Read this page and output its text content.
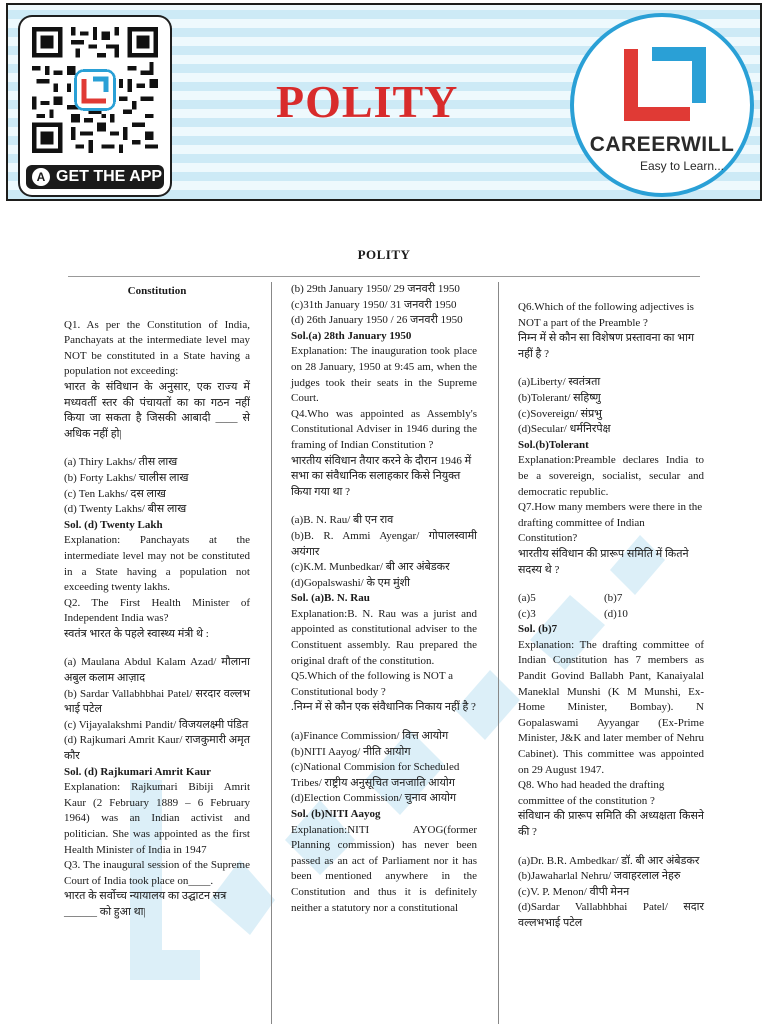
A GET THE APP
POLITY
CAREERWILL
Easy to Learn...
POLITY

Constitution

Q1. As per the Constitution of India, Panchayats at the intermediate level may NOT be constituted in a State having a population not exceeding:

भारत के संविधान के अनुसार, एक राज्य में मध्यवर्ती स्तर की पंचायतों का का गठन नहीं किया जा सकता है जिसकी आबादी ____ से अधिक नहीं हो|

(a) Thiry Lakhs/ तीस लाख

(b) Forty Lakhs/ चालीस लाख

(c) Ten Lakhs/ दस लाख

(d) Twenty Lakhs/ बीस लाख

Sol. (d) Twenty Lakh

Explanation: Panchayats at the intermediate level may not be constituted in a State having a population not exceeding twenty lakhs.

Q2. The First Health Minister of Independent India was?

स्वतंत्र भारत के पहले स्वास्थ्य मंत्री थे :

(a) Maulana Abdul Kalam Azad/ मौलाना अबुल कलाम आज़ाद

(b) Sardar Vallabhbhai Patel/ सरदार वल्लभ भाई पटेल

(c) Vijayalakshmi Pandit/ विजयलक्ष्मी पंडित

(d) Rajkumari Amrit Kaur/ राजकुमारी अमृत कौर

Sol. (d) Rajkumari Amrit Kaur

Explanation: Rajkumari Bibiji Amrit Kaur (2 February 1889 – 6 February 1964) was an Indian activist and politician. She was appointed as the first Health Minister of India in 1947

Q3. The inaugural session of the Supreme Court of India took place on____.

भारत के सर्वोच्च न्यायालय का उद्घाटन सत्र ______ को हुआ था|

(b) 29th January 1950/ 29 जनवरी 1950

(c)31th January 1950/ 31 जनवरी 1950

(d) 26th January 1950 / 26 जनवरी 1950

Sol.(a) 28th January 1950

Explanation: The inauguration took place on 28 January, 1950 at 9:45 am, when the judges took their seats in the Supreme Court.

Q4.Who was appointed as Assembly's Constitutional Adviser in 1946 during the framing of Indian Constitution ?

भारतीय संविधान तैयार करने के दौरान 1946 में सभा का संवैधानिक सलाहकार किसे नियुक्त किया गया था ?

(a)B. N. Rau/ बी एन राव

(b)B. R. Ammi Ayengar/ गोपालस्वामी अयंगार

(c)K.M. Munbedkar/ बी आर अंबेडकर

(d)Gopalswashi/ के एम मुंशी

Sol. (a)B. N. Rau

Explanation:B. N. Rau was a jurist and appointed as constitutional adviser to the Constituent assembly. Rau prepared the original draft of the constitution.

Q5.Which of the following is NOT a Constitutional body ?

.निम्न में से कौन एक संवैधानिक निकाय नहीं है ?

(a)Finance Commission/ वित्त आयोग

(b)NITI Aayog/ नीति आयोग

(c)National Commision for Scheduled Tribes/ राष्ट्रीय अनुसूचित जनजाति आयोग

(d)Election Commission/ चुनाव आयोग

Sol. (b)NITI Aayog

Explanation:NITI AYOG(former Planning commission) has never been passed as an act of Parliament nor it has been mentioned anywhere in the Constitution and thus it is definitely neither a statutory nor a constitutional

Q6.Which of the following adjectives is NOT a part of the Preamble ?

निम्न में से कौन सा विशेषण प्रस्तावना का भाग नहीं है ?

(a)Liberty/ स्वतंत्रता

(b)Tolerant/ सहिष्णु

(c)Sovereign/ संप्रभु

(d)Secular/ धर्मनिरपेक्ष

Sol.(b)Tolerant

Explanation:Preamble declares India to be a sovereign, socialist, secular and democratic republic.

Q7.How many members were there in the drafting committee of Indian Constitution?

भारतीय संविधान की प्रारूप समिति में कितने सदस्य थे ?

(a)5	(b)7

(c)3	(d)10

Sol. (b)7

Explanation: The drafting committee of Indian Constitution has 7 members as Pandit Govind Ballabh Pant, Kanaiyalal Maneklal Munshi (K M Munshi, Ex- Home Minister, Bombay). N Gopalaswami Ayyangar (Ex-Prime Minister, J&K and later member of Nehru Cabinet). This committee was appointed on 29 August 1947.

Q8. Who had headed the drafting committee of the constitution ?

संविधान की प्रारूप समिति की अध्यक्षता किसने की ?

(a)Dr. B.R. Ambedkar/ डॉ. बी आर अंबेडकर

(b)Jawaharlal Nehru/ जवाहरलाल नेहरु

(c)V. P. Menon/ वीपी मेनन

(d)Sardar Vallabhbhai Patel/ सदार वल्लभभाई पटेल
